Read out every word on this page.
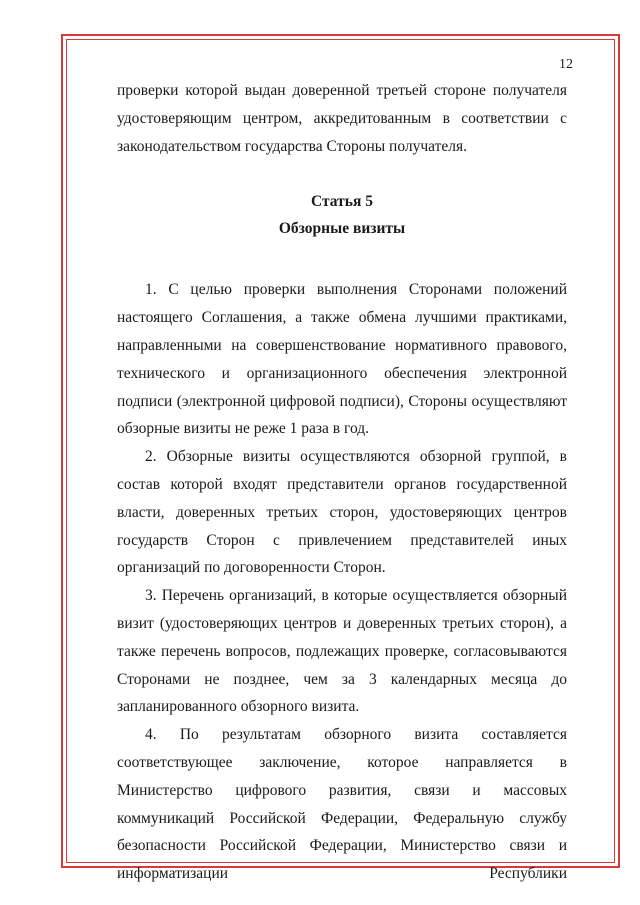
12

проверки которой выдан доверенной третьей стороне получателя удостоверяющим центром, аккредитованным в соответствии с законодательством государства Стороны получателя.

Статья 5

Обзорные визиты

1. С целью проверки выполнения Сторонами положений настоящего Соглашения, а также обмена лучшими практиками, направленными на совершенствование нормативного правового, технического и организационного обеспечения электронной подписи (электронной цифровой подписи), Стороны осуществляют обзорные визиты не реже 1 раза в год.

2. Обзорные визиты осуществляются обзорной группой, в состав которой входят представители органов государственной власти, доверенных третьих сторон, удостоверяющих центров государств Сторон с привлечением представителей иных организаций по договоренности Сторон.

3. Перечень организаций, в которые осуществляется обзорный визит (удостоверяющих центров и доверенных третьих сторон), а также перечень вопросов, подлежащих проверке, согласовываются Сторонами не позднее, чем за 3 календарных месяца до запланированного обзорного визита.

4. По результатам обзорного визита составляется соответствующее заключение, которое направляется в Министерство цифрового развития, связи и массовых коммуникаций Российской Федерации, Федеральную службу безопасности Российской Федерации, Министерство связи и информатизации Республики
